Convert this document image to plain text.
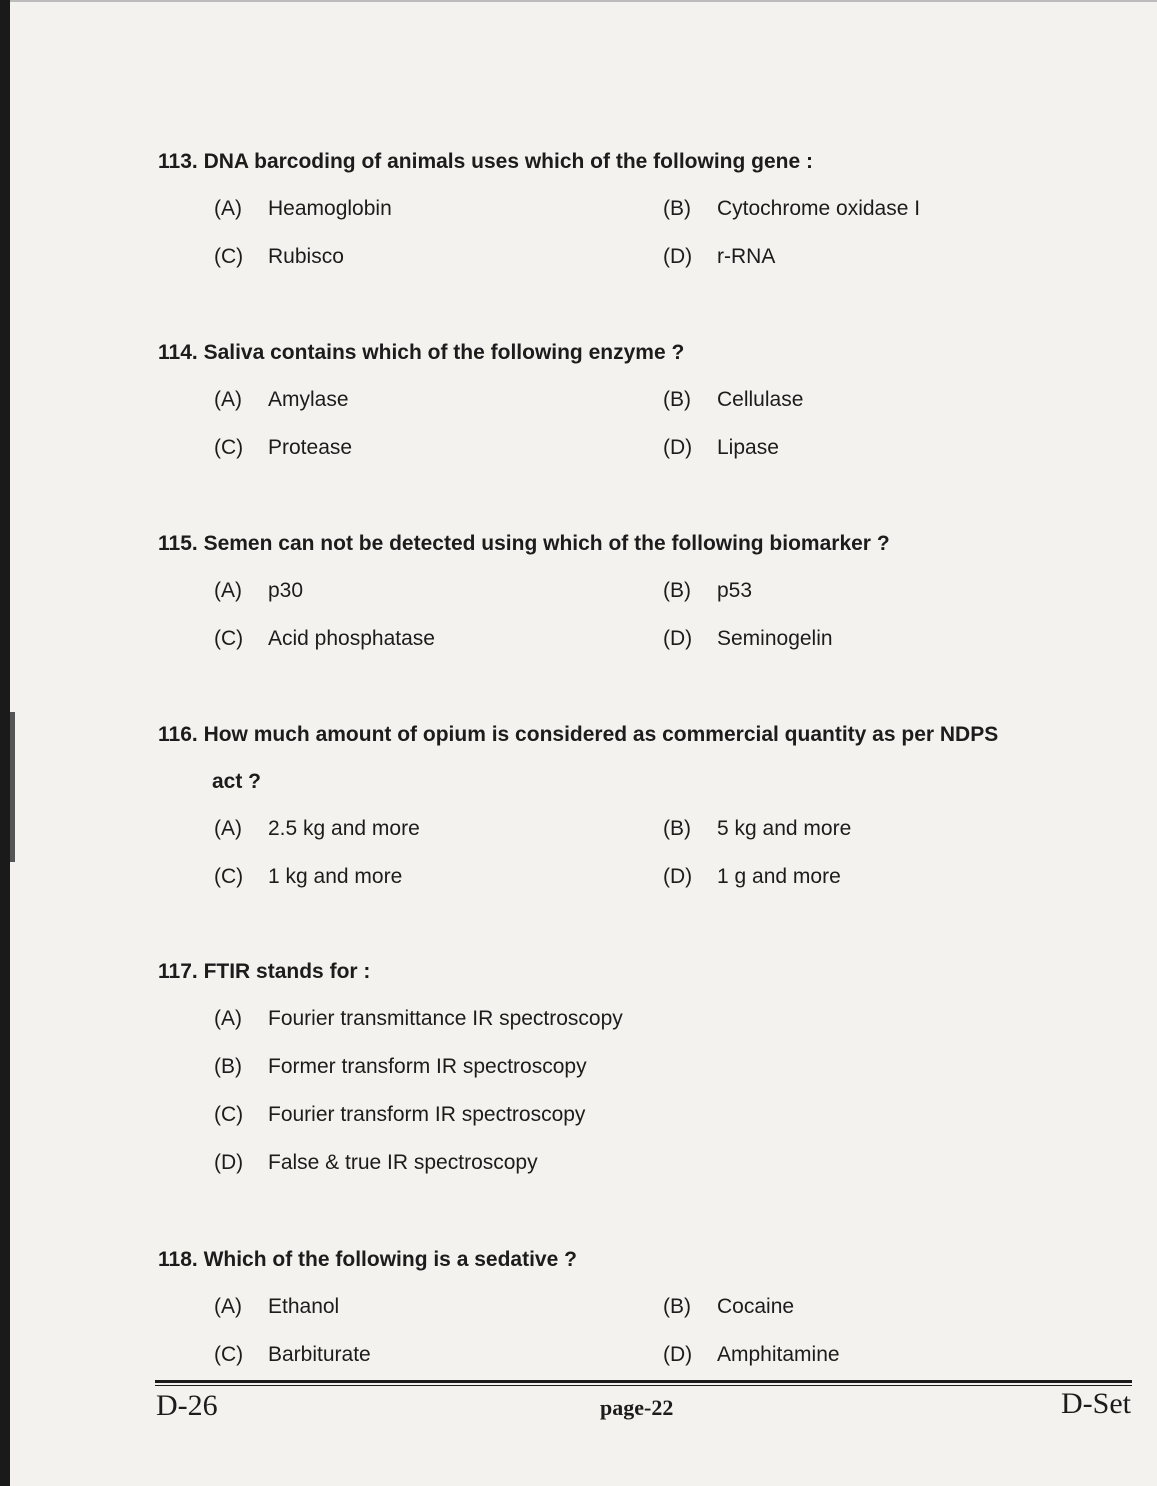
113. DNA barcoding of animals uses which of the following gene :
(A) Heamoglobin	(B) Cytochrome oxidase I
(C) Rubisco	(D) r-RNA
114. Saliva contains which of the following enzyme ?
(A) Amylase	(B) Cellulase
(C) Protease	(D) Lipase
115. Semen can not be detected using which of the following biomarker ?
(A) p30	(B) p53
(C) Acid phosphatase	(D) Seminogelin
116. How much amount of opium is considered as commercial quantity as per NDPS
act ?
(A) 2.5 kg and more	(B) 5 kg and more
(C) 1 kg and more	(D) 1 g and more
117. FTIR stands for :
(A) Fourier transmittance IR spectroscopy
(B) Former transform IR spectroscopy
(C) Fourier transform IR spectroscopy
(D) False & true IR spectroscopy
118. Which of the following is a sedative ?
(A) Ethanol	(B) Cocaine
(C) Barbiturate	(D) Amphitamine
D-26	page-22	D-Set
